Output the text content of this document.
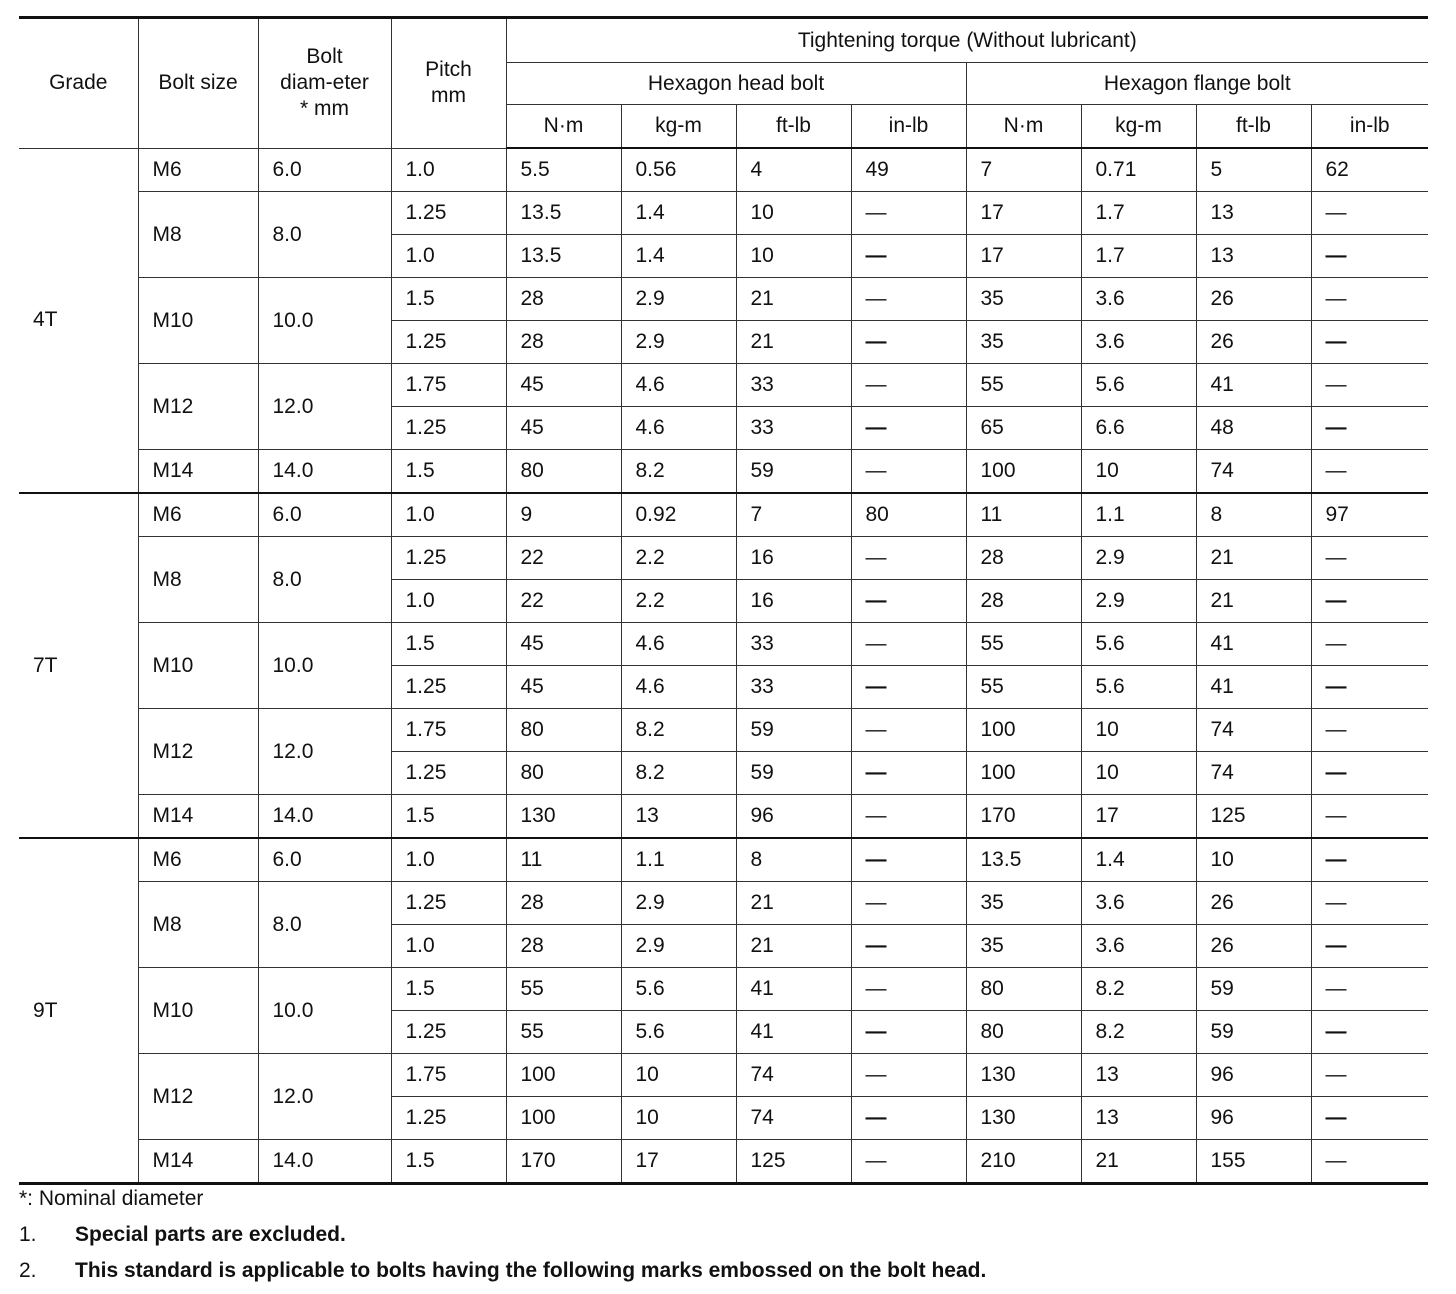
Grade	Bolt size	Bolt diam-eter * mm	Pitch mm	Tightening torque (Without lubricant)							
				Hexagon head bolt				Hexagon flange bolt			
				N·m	kg-m	ft-lb	in-lb	N·m	kg-m	ft-lb	in-lb
4T	M6	6.0	1.0	5.5	0.56	4	49	7	0.71	5	62
	M8	8.0	1.25	13.5	1.4	10	—	17	1.7	13	—
			1.0	13.5	1.4	10	—	17	1.7	13	—
	M10	10.0	1.5	28	2.9	21	—	35	3.6	26	—
			1.25	28	2.9	21	—	35	3.6	26	—
	M12	12.0	1.75	45	4.6	33	—	55	5.6	41	—
			1.25	45	4.6	33	—	65	6.6	48	—
	M14	14.0	1.5	80	8.2	59	—	100	10	74	—
7T	M6	6.0	1.0	9	0.92	7	80	11	1.1	8	97
	M8	8.0	1.25	22	2.2	16	—	28	2.9	21	—
			1.0	22	2.2	16	—	28	2.9	21	—
	M10	10.0	1.5	45	4.6	33	—	55	5.6	41	—
			1.25	45	4.6	33	—	55	5.6	41	—
	M12	12.0	1.75	80	8.2	59	—	100	10	74	—
			1.25	80	8.2	59	—	100	10	74	—
	M14	14.0	1.5	130	13	96	—	170	17	125	—
9T	M6	6.0	1.0	11	1.1	8	—	13.5	1.4	10	—
	M8	8.0	1.25	28	2.9	21	—	35	3.6	26	—
			1.0	28	2.9	21	—	35	3.6	26	—
	M10	10.0	1.5	55	5.6	41	—	80	8.2	59	—
			1.25	55	5.6	41	—	80	8.2	59	—
	M12	12.0	1.75	100	10	74	—	130	13	96	—
			1.25	100	10	74	—	130	13	96	—
	M14	14.0	1.5	170	17	125	—	210	21	155	—
*: Nominal diameter
1. Special parts are excluded.
2. This standard is applicable to bolts having the following marks embossed on the bolt head.
